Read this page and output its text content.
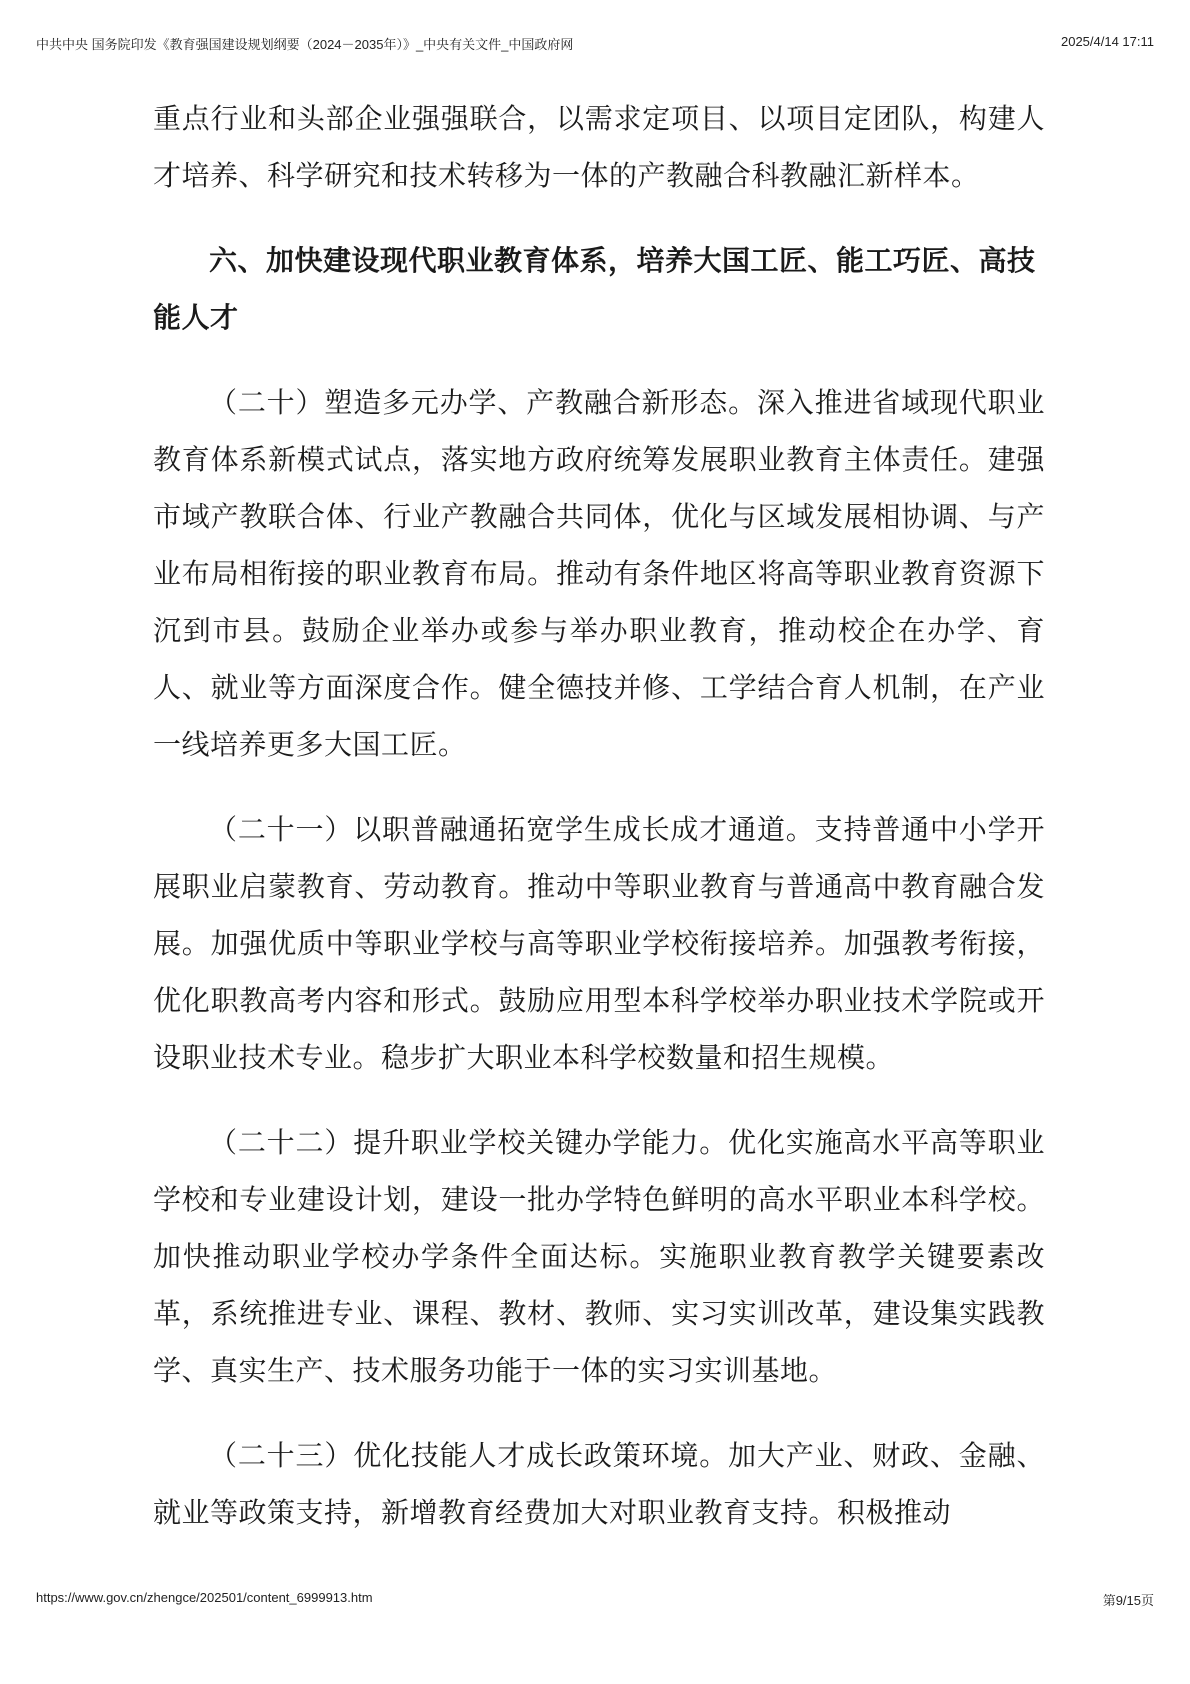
中共中央 国务院印发《教育强国建设规划纲要（2024－2035年）》_中央有关文件_中国政府网	2025/4/14 17:11

重点行业和头部企业强强联合，以需求定项目、以项目定团队，构建人才培养、科学研究和技术转移为一体的产教融合科教融汇新样本。

六、加快建设现代职业教育体系，培养大国工匠、能工巧匠、高技能人才

（二十）塑造多元办学、产教融合新形态。深入推进省域现代职业教育体系新模式试点，落实地方政府统筹发展职业教育主体责任。建强市域产教联合体、行业产教融合共同体，优化与区域发展相协调、与产业布局相衔接的职业教育布局。推动有条件地区将高等职业教育资源下沉到市县。鼓励企业举办或参与举办职业教育，推动校企在办学、育人、就业等方面深度合作。健全德技并修、工学结合育人机制，在产业一线培养更多大国工匠。

（二十一）以职普融通拓宽学生成长成才通道。支持普通中小学开展职业启蒙教育、劳动教育。推动中等职业教育与普通高中教育融合发展。加强优质中等职业学校与高等职业学校衔接培养。加强教考衔接，优化职教高考内容和形式。鼓励应用型本科学校举办职业技术学院或开设职业技术专业。稳步扩大职业本科学校数量和招生规模。

（二十二）提升职业学校关键办学能力。优化实施高水平高等职业学校和专业建设计划，建设一批办学特色鲜明的高水平职业本科学校。加快推动职业学校办学条件全面达标。实施职业教育教学关键要素改革，系统推进专业、课程、教材、教师、实习实训改革，建设集实践教学、真实生产、技术服务功能于一体的实习实训基地。

（二十三）优化技能人才成长政策环境。加大产业、财政、金融、就业等政策支持，新增教育经费加大对职业教育支持。积极推动

https://www.gov.cn/zhengce/202501/content_6999913.htm	第9/15页
